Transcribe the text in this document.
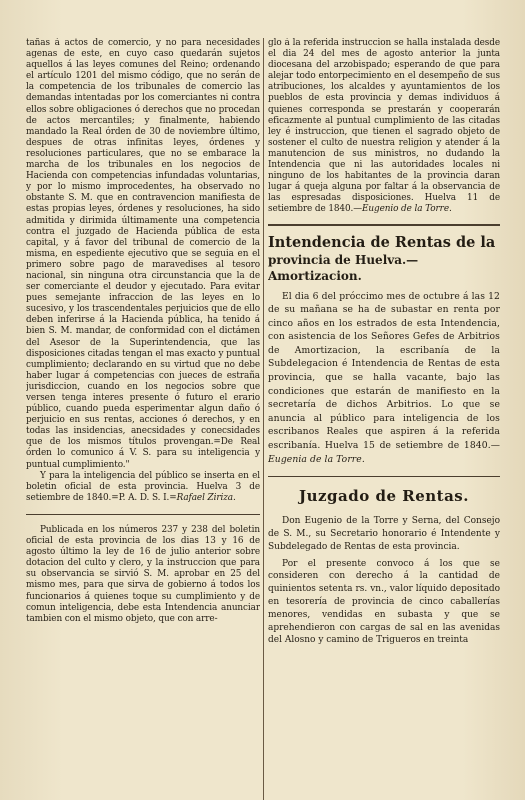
tañas á actos de comercio, y no para necesidades agenas de este, en cuyo caso quedarán sujetos aquellos á las leyes comunes del Reino; ordenando el artículo 1201 del mismo código, que no serán de la competencia de los tribunales de comercio las demandas intentadas por los comerciantes ni contra ellos sobre obligaciones ó derechos que no procedan de actos mercantiles; y finalmente, habiendo mandado la Real órden de 30 de noviembre último, despues de otras infinitas leyes, órdenes y resoluciones particulares, que no se embarace la marcha de los tribunales en los negocios de Hacienda con competencias infundadas voluntarias, y por lo mismo improcedentes, ha observado no obstante S. M. que en contravencion manifiesta de estas propias leyes, órdenes y resoluciones, ha sido admitida y dirimida últimamente una competencia contra el juzgado de Hacienda pública de esta capital, y á favor del tribunal de comercio de la misma, en espediente ejecutivo que se seguia en el primero sobre pago de maravedises al tesoro nacional, sin ninguna otra circunstancia que la de ser comerciante el deudor y ejecutado. Para evitar pues semejante infraccion de las leyes en lo sucesivo, y los trascendentales perjuicios que de ello deben inferirse á la Hacienda pública, ha tenido á bien S. M. mandar, de conformidad con el dictámen del Asesor de la Superintendencia, que las disposiciones citadas tengan el mas exacto y puntual cumplimiento; declarando en su virtud que no debe haber lugar á competencias con jueces de estraña jurisdiccion, cuando en los negocios sobre que versen tenga interes presente ó futuro el erario público, cuando pueda esperimentar algun daño ó perjuicio en sus rentas, acciones ó derechos, y en todas las insidencias, anecsidades y conecsidades que de los mismos títulos provengan.=De Real órden lo comunico á V. S. para su inteligencia y puntual cumplimiento."

Y para la inteligencia del público se inserta en el boletin oficial de esta provincia. Huelva 3 de setiembre de 1840.=P. A. D. S. I.=Rafael Ziriza.

Publicada en los números 237 y 238 del boletin oficial de esta provincia de los dias 13 y 16 de agosto último la ley de 16 de julio anterior sobre dotacion del culto y clero, y la instruccion que para su observancia se sirvió S. M. aprobar en 25 del mismo mes, para que sirva de gobierno á todos los funcionarios á quienes toque su cumplimiento y de comun inteligencia, debe esta Intendencia anunciar tambien con el mismo objeto, que con arre-

glo á la referida instruccion se halla instalada desde el dia 24 del mes de agosto anterior la junta diocesana del arzobispado; esperando de que para alejar todo entorpecimiento en el desempeño de sus atribuciones, los alcaldes y ayuntamientos de los pueblos de esta provincia y demas individuos á quienes corresponda se prestarán y cooperarán eficazmente al puntual cumplimiento de las citadas ley é instruccion, que tienen el sagrado objeto de sostener el culto de nuestra religion y atender á la manutencion de sus ministros, no dudando la Intendencia que ni las autoridades locales ni ninguno de los habitantes de la provincia daran lugar á queja alguna por faltar á la observancia de las espresadas disposiciones. Huelva 11 de setiembre de 1840.—Eugenio de la Torre.

Intendencia de Rentas de la
provincia de Huelva.—Amortizacion.

El dia 6 del próccimo mes de octubre á las 12 de su mañana se ha de subastar en renta por cinco años en los estrados de esta Intendencia, con asistencia de los Señores Gefes de Arbitrios de Amortizacion, la escribanía de la Subdelegacion é Intendencia de Rentas de esta provincia, que se halla vacante, bajo las condiciones que estarán de manifiesto en la secretaría de dichos Arbitrios. Lo que se anuncia al público para inteligencia de los escribanos Reales que aspiren á la referida escribanía. Huelva 15 de setiembre de 1840.—Eugenia de la Torre.

Juzgado de Rentas.

Don Eugenio de la Torre y Serna, del Consejo de S. M., su Secretario honorario é Intendente y Subdelegado de Rentas de esta provincia.

Por el presente convoco á los que se consideren con derecho á la cantidad de quinientos setenta rs. vn., valor líquido depositado en tesorería de provincia de cinco caballerías menores, vendidas en subasta y que se aprehendieron con cargas de sal en las avenidas del Alosno y camino de Trigueros en treinta
